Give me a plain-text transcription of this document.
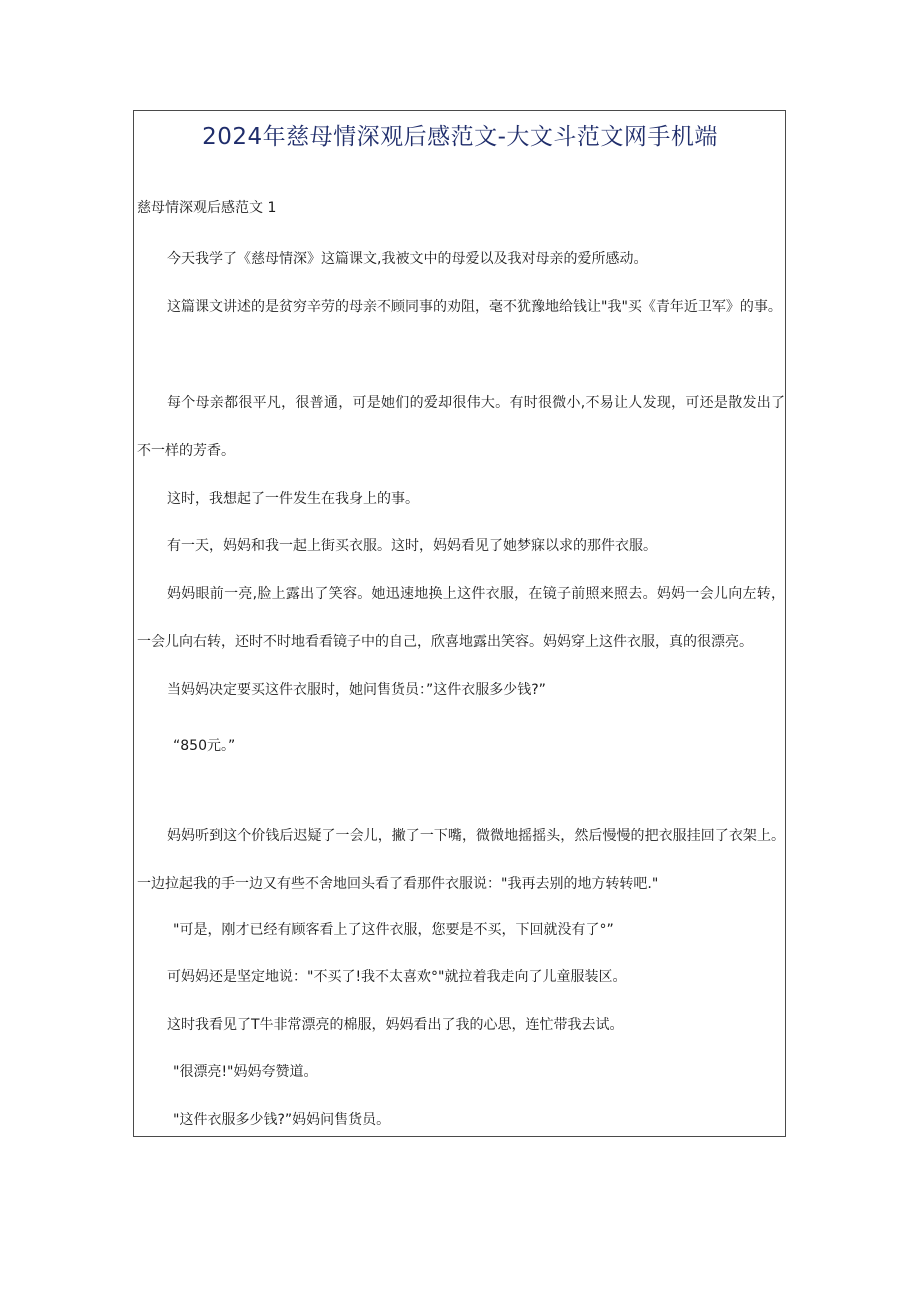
2024年慈母情深观后感范文-大文斗范文网手机端
慈母情深观后感范文 1
今天我学了《慈母情深》这篇课文,我被文中的母爱以及我对母亲的爱所感动。
这篇课文讲述的是贫穷辛劳的母亲不顾同事的劝阻，毫不犹豫地给钱让"我"买《青年近卫军》的事。
每个母亲都很平凡，很普通，可是她们的爱却很伟大。有时很微小,不易让人发现，可还是散发出了不一样的芳香。
这时，我想起了一件发生在我身上的事。
有一天，妈妈和我一起上街买衣服。这时，妈妈看见了她梦寐以求的那件衣服。
妈妈眼前一亮,脸上露出了笑容。她迅速地换上这件衣服，在镜子前照来照去。妈妈一会儿向左转，一会儿向右转，还时不时地看看镜子中的自己，欣喜地露出笑容。妈妈穿上这件衣服，真的很漂亮。
当妈妈决定要买这件衣服时，她问售货员：”这件衣服多少钱?”
“850元。”
妈妈听到这个价钱后迟疑了一会儿，撇了一下嘴，微微地摇摇头，然后慢慢的把衣服挂回了衣架上。一边拉起我的手一边又有些不舍地回头看了看那件衣服说："我再去别的地方转转吧."
"可是，刚才已经有顾客看上了这件衣服，您要是不买，下回就没有了°”
可妈妈还是坚定地说："不买了!我不太喜欢°"就拉着我走向了儿童服装区。
这时我看见了T牛非常漂亮的棉服，妈妈看出了我的心思，连忙带我去试。
"很漂亮!"妈妈夸赞道。
"这件衣服多少钱?”妈妈问售货员。
